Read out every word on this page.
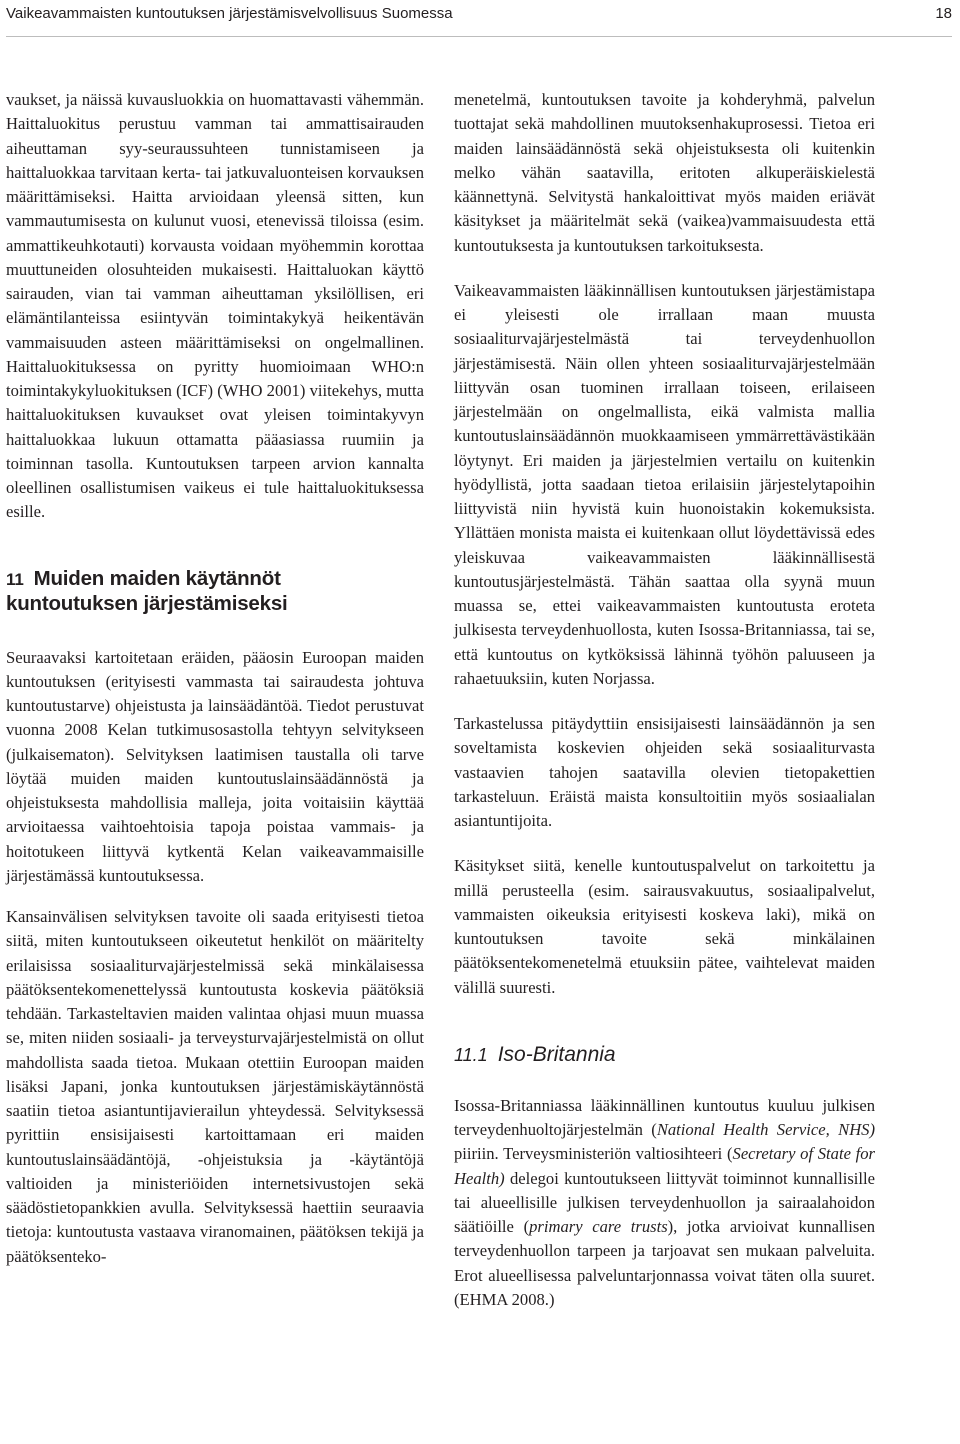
Vaikeavammaisten kuntoutuksen järjestämisvelvollisuus Suomessa	18

vaukset, ja näissä kuvausluokkia on huomattavasti vähemmän. Haittaluokitus perustuu vamman tai ammattisairauden aiheuttaman syy-seuraussuhteen tunnistamiseen ja haittaluokkaa tarvitaan kerta- tai jatkuvaluonteisen korvauksen määrittämiseksi. Haitta arvioidaan yleensä sitten, kun vammautumisesta on kulunut vuosi, etenevissä tiloissa (esim. ammattikeuhkotauti) korvausta voidaan myöhemmin korottaa muuttuneiden olosuhteiden mukaisesti. Haittaluokan käyttö sairauden, vian tai vamman aiheuttaman yksilöllisen, eri elämäntilanteissa esiintyvän toimintakykyä heikentävän vammaisuuden asteen määrittämiseksi on ongelmallinen. Haittaluokituksessa on pyritty huomioimaan WHO:n toimintakykyluokituksen (ICF) (WHO 2001) viitekehys, mutta haittaluokituksen kuvaukset ovat yleisen toimintakyvyn haittaluokkaa lukuun ottamatta pääasiassa ruumiin ja toiminnan tasolla. Kuntoutuksen tarpeen arvion kannalta oleellinen osallistumisen vaikeus ei tule haittaluokituksessa esille.

11 Muiden maiden käytännöt
kuntoutuksen järjestämiseksi

Seuraavaksi kartoitetaan eräiden, pääosin Euroopan maiden kuntoutuksen (erityisesti vammasta tai sairaudesta johtuva kuntoutustarve) ohjeistusta ja lainsäädäntöä. Tiedot perustuvat vuonna 2008 Kelan tutkimusosastolla tehtyyn selvitykseen (julkaisematon). Selvityksen laatimisen taustalla oli tarve löytää muiden maiden kuntoutuslainsäädännöstä ja ohjeistuksesta mahdollisia malleja, joita voitaisiin käyttää arvioitaessa vaihtoehtoisia tapoja poistaa vammais- ja hoitotukeen liittyvä kytkentä Kelan vaikeavammaisille järjestämässä kuntoutuksessa.

Kansainvälisen selvityksen tavoite oli saada erityisesti tietoa siitä, miten kuntoutukseen oikeutetut henkilöt on määritelty erilaisissa sosiaaliturvajärjestelmissä sekä minkälaisessa päätöksentekomenettelyssä kuntoutusta koskevia päätöksiä tehdään. Tarkasteltavien maiden valintaa ohjasi muun muassa se, miten niiden sosiaali- ja terveysturvajärjestelmistä on ollut mahdollista saada tietoa. Mukaan otettiin Euroopan maiden lisäksi Japani, jonka kuntoutuksen järjestämiskäytännöstä saatiin tietoa asiantuntijavierailun yhteydessä. Selvityksessä pyrittiin ensisijaisesti kartoittamaan eri maiden kuntoutuslainsäädäntöjä, -ohjeistuksia ja -käytäntöjä valtioiden ja ministeriöiden internetsivustojen sekä säädöstietopankkien avulla. Selvityksessä haettiin seuraavia tietoja: kuntoutusta vastaava viranomainen, päätöksen tekijä ja päätöksenteko-

menetelmä, kuntoutuksen tavoite ja kohderyhmä, palvelun tuottajat sekä mahdollinen muutoksenhakuprosessi. Tietoa eri maiden lainsäädännöstä sekä ohjeistuksesta oli kuitenkin melko vähän saatavilla, eritoten alkuperäiskielestä käännettynä. Selvitystä hankaloittivat myös maiden eriävät käsitykset ja määritelmät sekä (vaikea)vammaisuudesta että kuntoutuksesta ja kuntoutuksen tarkoituksesta.

Vaikeavammaisten lääkinnällisen kuntoutuksen järjestämistapa ei yleisesti ole irrallaan maan muusta sosiaaliturvajärjestelmästä tai terveydenhuollon järjestämisestä. Näin ollen yhteen sosiaaliturvajärjestelmään liittyvän osan tuominen irrallaan toiseen, erilaiseen järjestelmään on ongelmallista, eikä valmista mallia kuntoutuslainsäädännön muokkaamiseen ymmärrettävästikään löytynyt. Eri maiden ja järjestelmien vertailu on kuitenkin hyödyllistä, jotta saadaan tietoa erilaisiin järjestelytapoihin liittyvistä niin hyvistä kuin huonoistakin kokemuksista. Yllättäen monista maista ei kuitenkaan ollut löydettävissä edes yleiskuvaa vaikeavammaisten lääkinnällisestä kuntoutusjärjestelmästä. Tähän saattaa olla syynä muun muassa se, ettei vaikeavammaisten kuntoutusta eroteta julkisesta terveydenhuollosta, kuten Isossa-Britanniassa, tai se, että kuntoutus on kytköksissä lähinnä työhön paluuseen ja rahaetuuksiin, kuten Norjassa.

Tarkastelussa pitäydyttiin ensisijaisesti lainsäädännön ja sen soveltamista koskevien ohjeiden sekä sosiaaliturvasta vastaavien tahojen saatavilla olevien tietopakettien tarkasteluun. Eräistä maista konsultoitiin myös sosiaalialan asiantuntijoita.

Käsitykset siitä, kenelle kuntoutuspalvelut on tarkoitettu ja millä perusteella (esim. sairausvakuutus, sosiaalipalvelut, vammaisten oikeuksia erityisesti koskeva laki), mikä on kuntoutuksen tavoite sekä minkälainen päätöksentekomenetelmä etuuksiin pätee, vaihtelevat maiden välillä suuresti.

11.1 Iso-Britannia

Isossa-Britanniassa lääkinnällinen kuntoutus kuuluu julkisen terveydenhuoltojärjestelmän (National Health Service, NHS) piiriin. Terveysministeriön valtiosihteeri (Secretary of State for Health) delegoi kuntoutukseen liittyvät toiminnot kunnallisille tai alueellisille julkisen terveydenhuollon ja sairaalahoidon säätiöille (primary care trusts), jotka arvioivat kunnallisen terveydenhuollon tarpeen ja tarjoavat sen mukaan palveluita. Erot alueellisessa palveluntarjonnassa voivat täten olla suuret. (EHMA 2008.)
